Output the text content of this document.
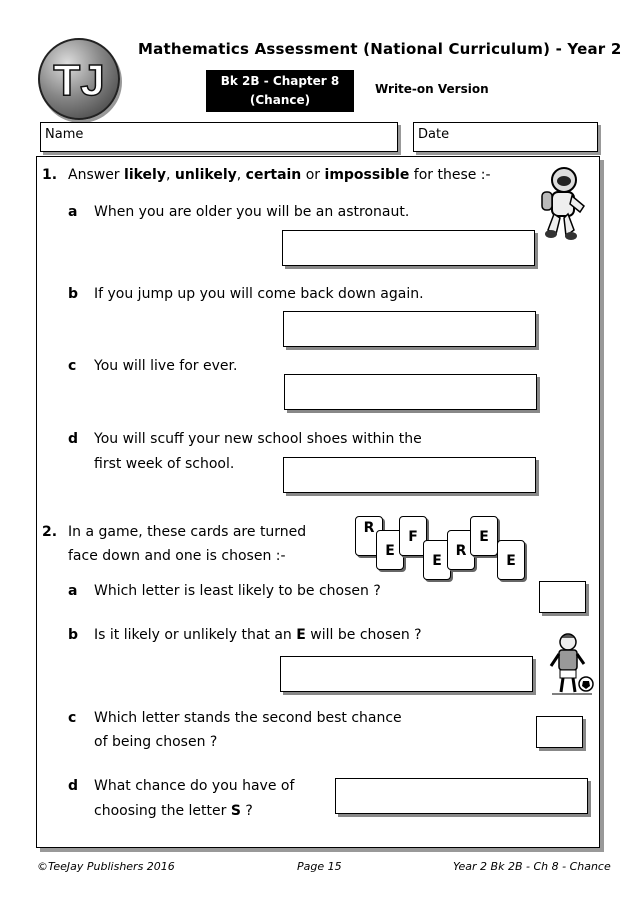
TJ
Mathematics Assessment (National Curriculum) - Year 2
Bk 2B - Chapter 8
(Chance)
Write-on Version
Name	Date
1. Answer likely, unlikely, certain or impossible for these :-
a When you are older you will be an astronaut.
b If you jump up you will come back down again.
c You will live for ever.
d You will scuff your new school shoes within the
first week of school.
2. In a game, these cards are turned
face down and one is chosen :-
R
E
F
E
R
E
E
a Which letter is least likely to be chosen ?
b Is it likely or unlikely that an E will be chosen ?
c Which letter stands the second best chance
of being chosen ?
d What chance do you have of
choosing the letter S ?
©TeeJay Publishers 2016	Page 15	Year 2 Bk 2B - Ch 8 - Chance
